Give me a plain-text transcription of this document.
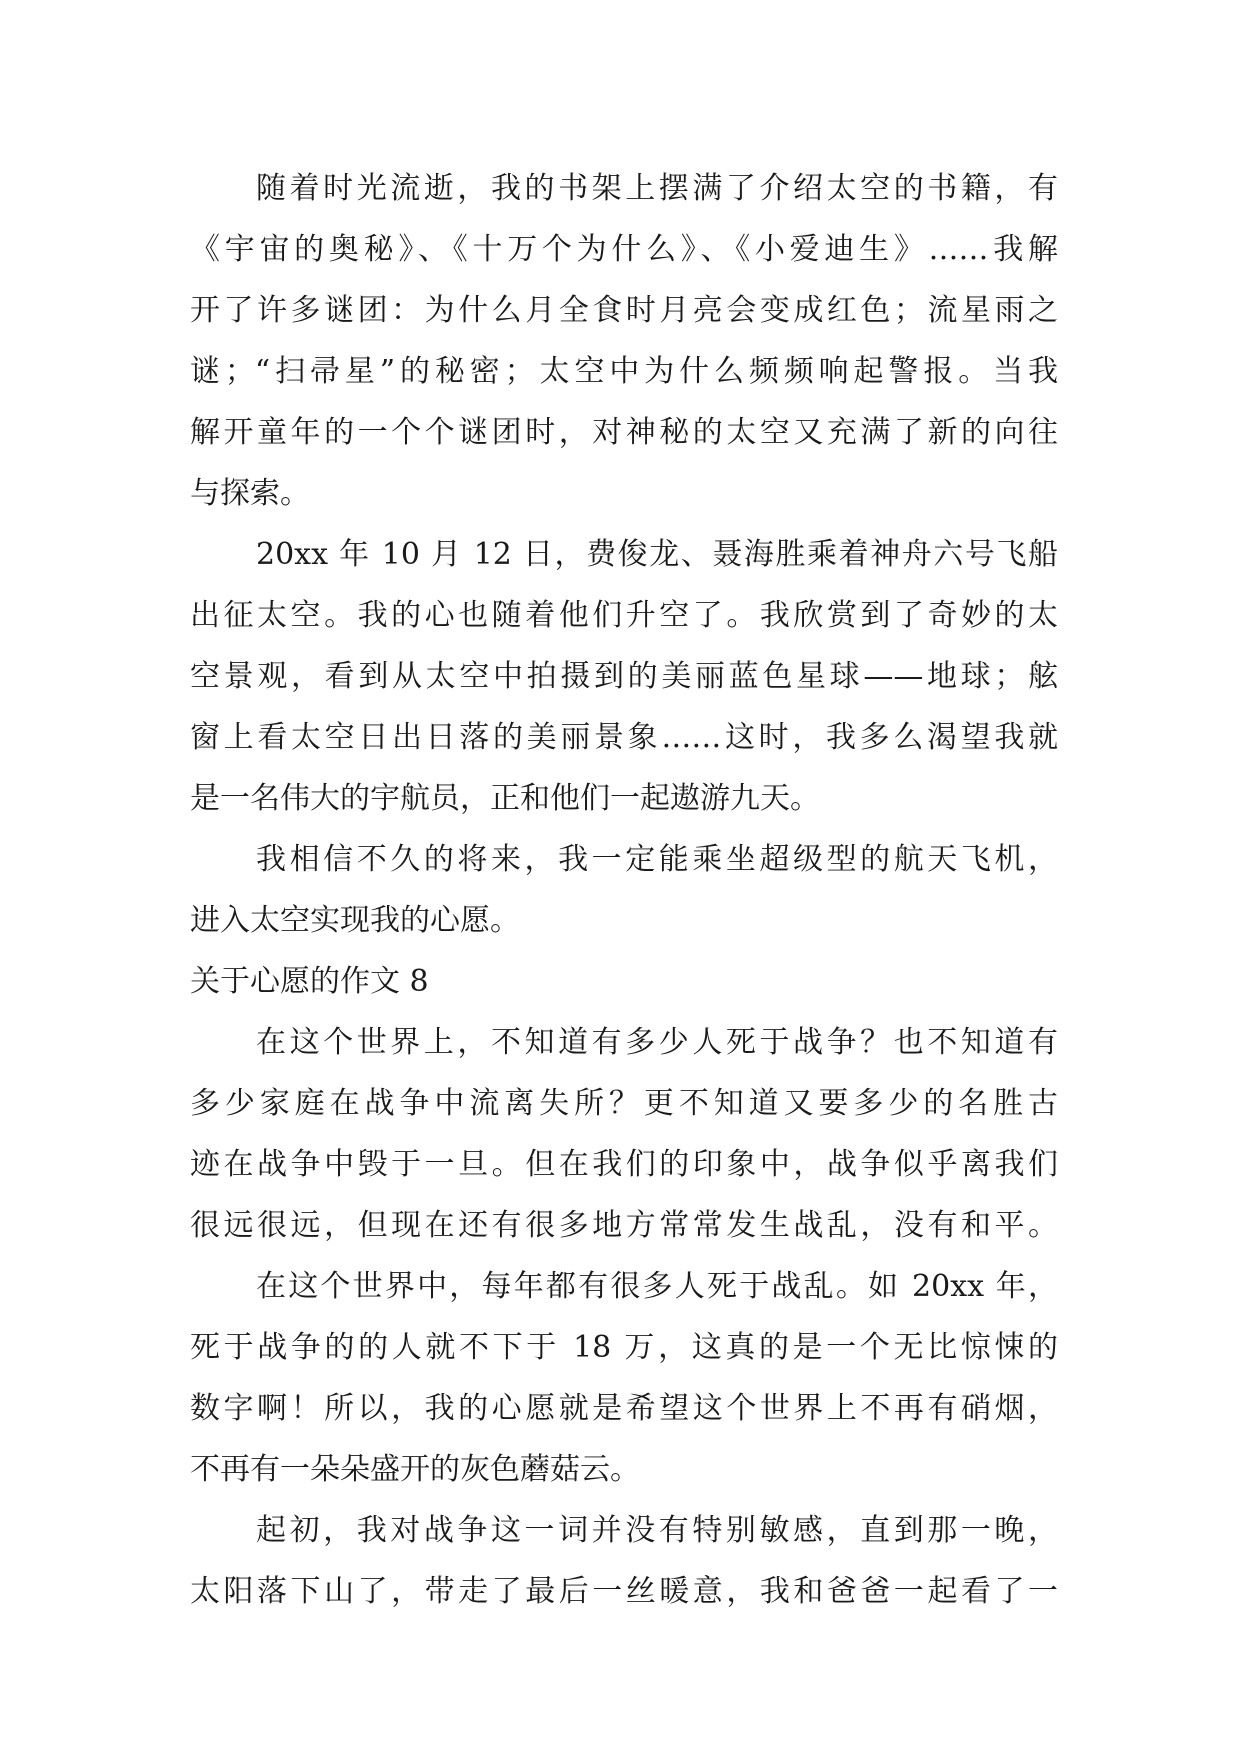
随着时光流逝，我的书架上摆满了介绍太空的书籍，有
《宇宙的奥秘》、《十万个为什么》、《小爱迪生》……我解
开了许多谜团：为什么月全食时月亮会变成红色；流星雨之
谜；“扫帚星”的秘密；太空中为什么频频响起警报。当我
解开童年的一个个谜团时，对神秘的太空又充满了新的向往
与探索。
20xx 年 10 月 12 日，费俊龙、聂海胜乘着神舟六号飞船
出征太空。我的心也随着他们升空了。我欣赏到了奇妙的太
空景观，看到从太空中拍摄到的美丽蓝色星球——地球；舷
窗上看太空日出日落的美丽景象……这时，我多么渴望我就
是一名伟大的宇航员，正和他们一起遨游九天。
我相信不久的将来，我一定能乘坐超级型的航天飞机，
进入太空实现我的心愿。
关于心愿的作文 8
在这个世界上，不知道有多少人死于战争？也不知道有
多少家庭在战争中流离失所？更不知道又要多少的名胜古
迹在战争中毁于一旦。但在我们的印象中，战争似乎离我们
很远很远，但现在还有很多地方常常发生战乱，没有和平。
在这个世界中，每年都有很多人死于战乱。如 20xx 年，
死于战争的的人就不下于 18 万，这真的是一个无比惊悚的
数字啊！所以，我的心愿就是希望这个世界上不再有硝烟，
不再有一朵朵盛开的灰色蘑菇云。
起初，我对战争这一词并没有特别敏感，直到那一晚，
太阳落下山了，带走了最后一丝暖意，我和爸爸一起看了一
